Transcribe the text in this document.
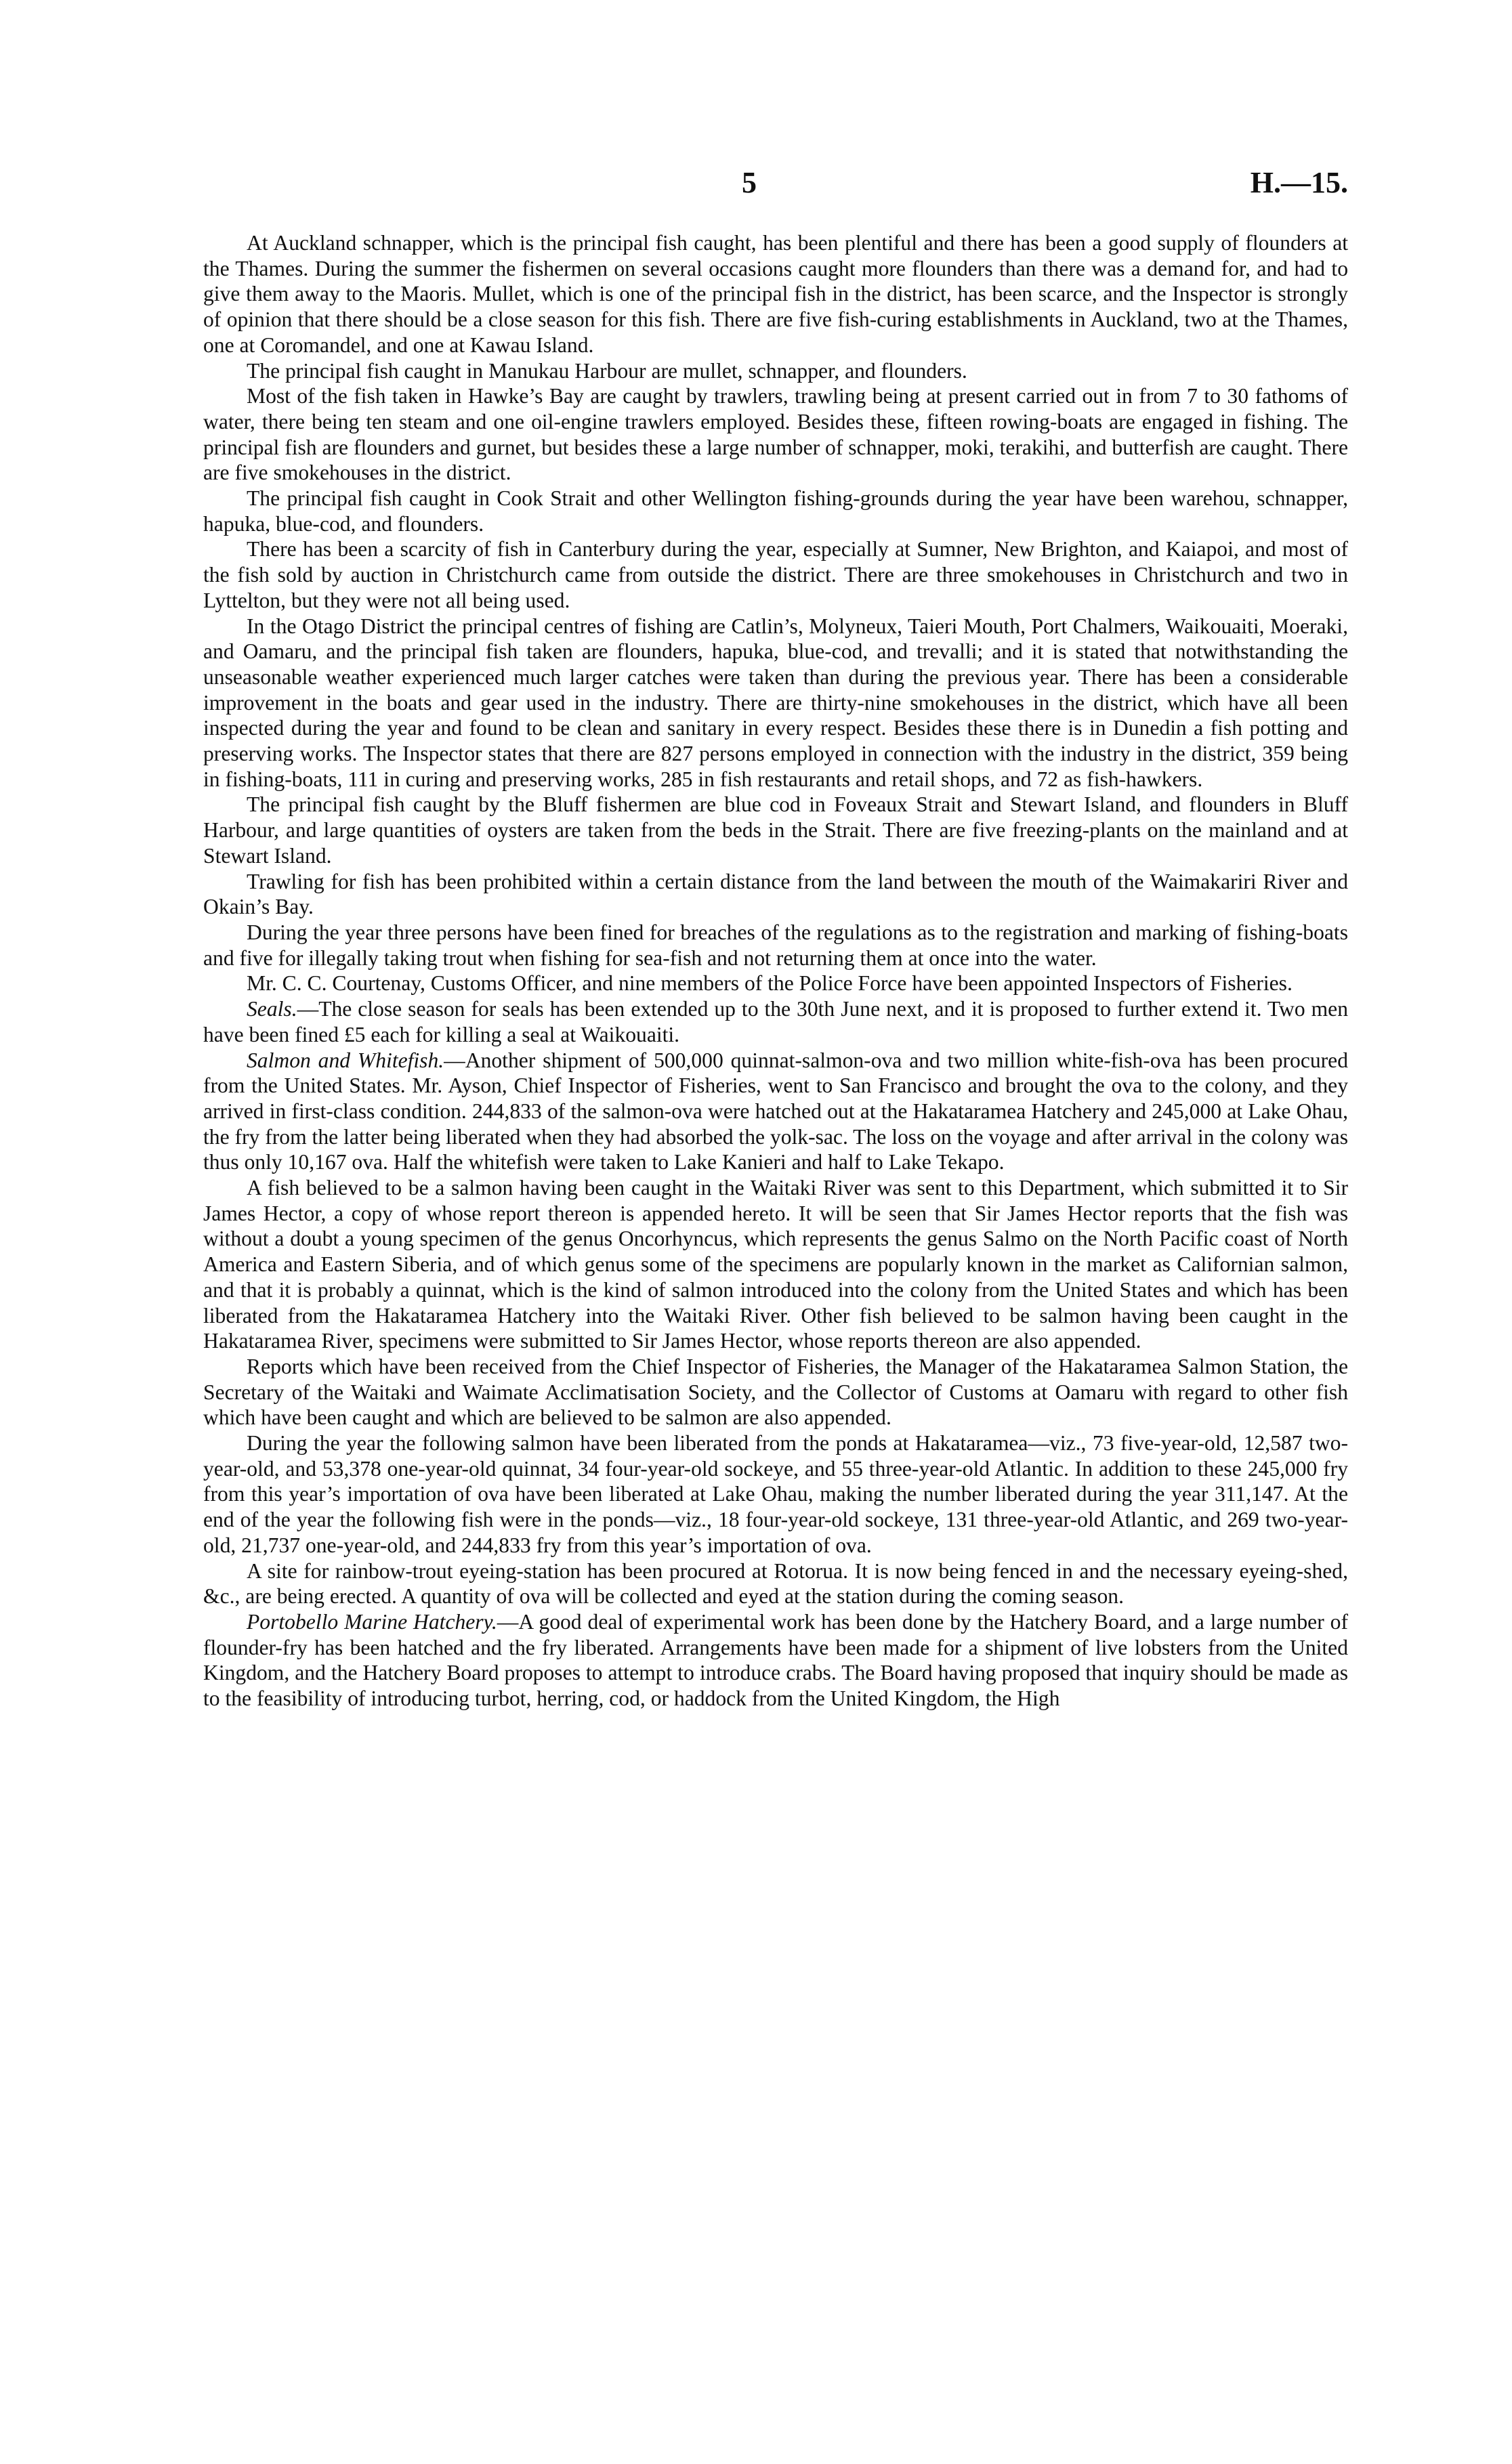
5	H.—15.

At Auckland schnapper, which is the principal fish caught, has been plentiful and there has been a good supply of flounders at the Thames. During the summer the fishermen on several occasions caught more flounders than there was a demand for, and had to give them away to the Maoris. Mullet, which is one of the principal fish in the district, has been scarce, and the Inspector is strongly of opinion that there should be a close season for this fish. There are five fish-curing establishments in Auckland, two at the Thames, one at Coromandel, and one at Kawau Island.

The principal fish caught in Manukau Harbour are mullet, schnapper, and flounders.

Most of the fish taken in Hawke’s Bay are caught by trawlers, trawling being at present carried out in from 7 to 30 fathoms of water, there being ten steam and one oil-engine trawlers employed. Besides these, fifteen rowing-boats are engaged in fishing. The principal fish are flounders and gurnet, but besides these a large number of schnapper, moki, terakihi, and butterfish are caught. There are five smokehouses in the district.

The principal fish caught in Cook Strait and other Wellington fishing-grounds during the year have been warehou, schnapper, hapuka, blue-cod, and flounders.

There has been a scarcity of fish in Canterbury during the year, especially at Sumner, New Brighton, and Kaiapoi, and most of the fish sold by auction in Christchurch came from outside the district. There are three smokehouses in Christchurch and two in Lyttelton, but they were not all being used.

In the Otago District the principal centres of fishing are Catlin’s, Molyneux, Taieri Mouth, Port Chalmers, Waikouaiti, Moeraki, and Oamaru, and the principal fish taken are flounders, hapuka, blue-cod, and trevalli; and it is stated that notwithstanding the unseasonable weather experienced much larger catches were taken than during the previous year. There has been a considerable improvement in the boats and gear used in the industry. There are thirty-nine smokehouses in the district, which have all been inspected during the year and found to be clean and sanitary in every respect. Besides these there is in Dunedin a fish potting and preserving works. The Inspector states that there are 827 persons employed in connection with the industry in the district, 359 being in fishing-boats, 111 in curing and preserving works, 285 in fish restaurants and retail shops, and 72 as fish-hawkers.

The principal fish caught by the Bluff fishermen are blue cod in Foveaux Strait and Stewart Island, and flounders in Bluff Harbour, and large quantities of oysters are taken from the beds in the Strait. There are five freezing-plants on the mainland and at Stewart Island.

Trawling for fish has been prohibited within a certain distance from the land between the mouth of the Waimakariri River and Okain’s Bay.

During the year three persons have been fined for breaches of the regulations as to the registration and marking of fishing-boats and five for illegally taking trout when fishing for sea-fish and not returning them at once into the water.

Mr. C. C. Courtenay, Customs Officer, and nine members of the Police Force have been appointed Inspectors of Fisheries.

Seals.—The close season for seals has been extended up to the 30th June next, and it is proposed to further extend it. Two men have been fined £5 each for killing a seal at Waikouaiti.

Salmon and Whitefish.—Another shipment of 500,000 quinnat-salmon-ova and two million white-fish-ova has been procured from the United States. Mr. Ayson, Chief Inspector of Fisheries, went to San Francisco and brought the ova to the colony, and they arrived in first-class condition. 244,833 of the salmon-ova were hatched out at the Hakataramea Hatchery and 245,000 at Lake Ohau, the fry from the latter being liberated when they had absorbed the yolk-sac. The loss on the voyage and after arrival in the colony was thus only 10,167 ova. Half the whitefish were taken to Lake Kanieri and half to Lake Tekapo.

A fish believed to be a salmon having been caught in the Waitaki River was sent to this Department, which submitted it to Sir James Hector, a copy of whose report thereon is appended hereto. It will be seen that Sir James Hector reports that the fish was without a doubt a young specimen of the genus Oncorhyncus, which represents the genus Salmo on the North Pacific coast of North America and Eastern Siberia, and of which genus some of the specimens are popularly known in the market as Californian salmon, and that it is probably a quinnat, which is the kind of salmon introduced into the colony from the United States and which has been liberated from the Hakataramea Hatchery into the Waitaki River. Other fish believed to be salmon having been caught in the Hakataramea River, specimens were submitted to Sir James Hector, whose reports thereon are also appended.

Reports which have been received from the Chief Inspector of Fisheries, the Manager of the Hakataramea Salmon Station, the Secretary of the Waitaki and Waimate Acclimatisation Society, and the Collector of Customs at Oamaru with regard to other fish which have been caught and which are believed to be salmon are also appended.

During the year the following salmon have been liberated from the ponds at Hakataramea—viz., 73 five-year-old, 12,587 two-year-old, and 53,378 one-year-old quinnat, 34 four-year-old sockeye, and 55 three-year-old Atlantic. In addition to these 245,000 fry from this year’s importation of ova have been liberated at Lake Ohau, making the number liberated during the year 311,147. At the end of the year the following fish were in the ponds—viz., 18 four-year-old sockeye, 131 three-year-old Atlantic, and 269 two-year-old, 21,737 one-year-old, and 244,833 fry from this year’s importation of ova.

A site for rainbow-trout eyeing-station has been procured at Rotorua. It is now being fenced in and the necessary eyeing-shed, &c., are being erected. A quantity of ova will be collected and eyed at the station during the coming season.

Portobello Marine Hatchery.—A good deal of experimental work has been done by the Hatchery Board, and a large number of flounder-fry has been hatched and the fry liberated. Arrangements have been made for a shipment of live lobsters from the United Kingdom, and the Hatchery Board proposes to attempt to introduce crabs. The Board having proposed that inquiry should be made as to the feasibility of introducing turbot, herring, cod, or haddock from the United Kingdom, the High
